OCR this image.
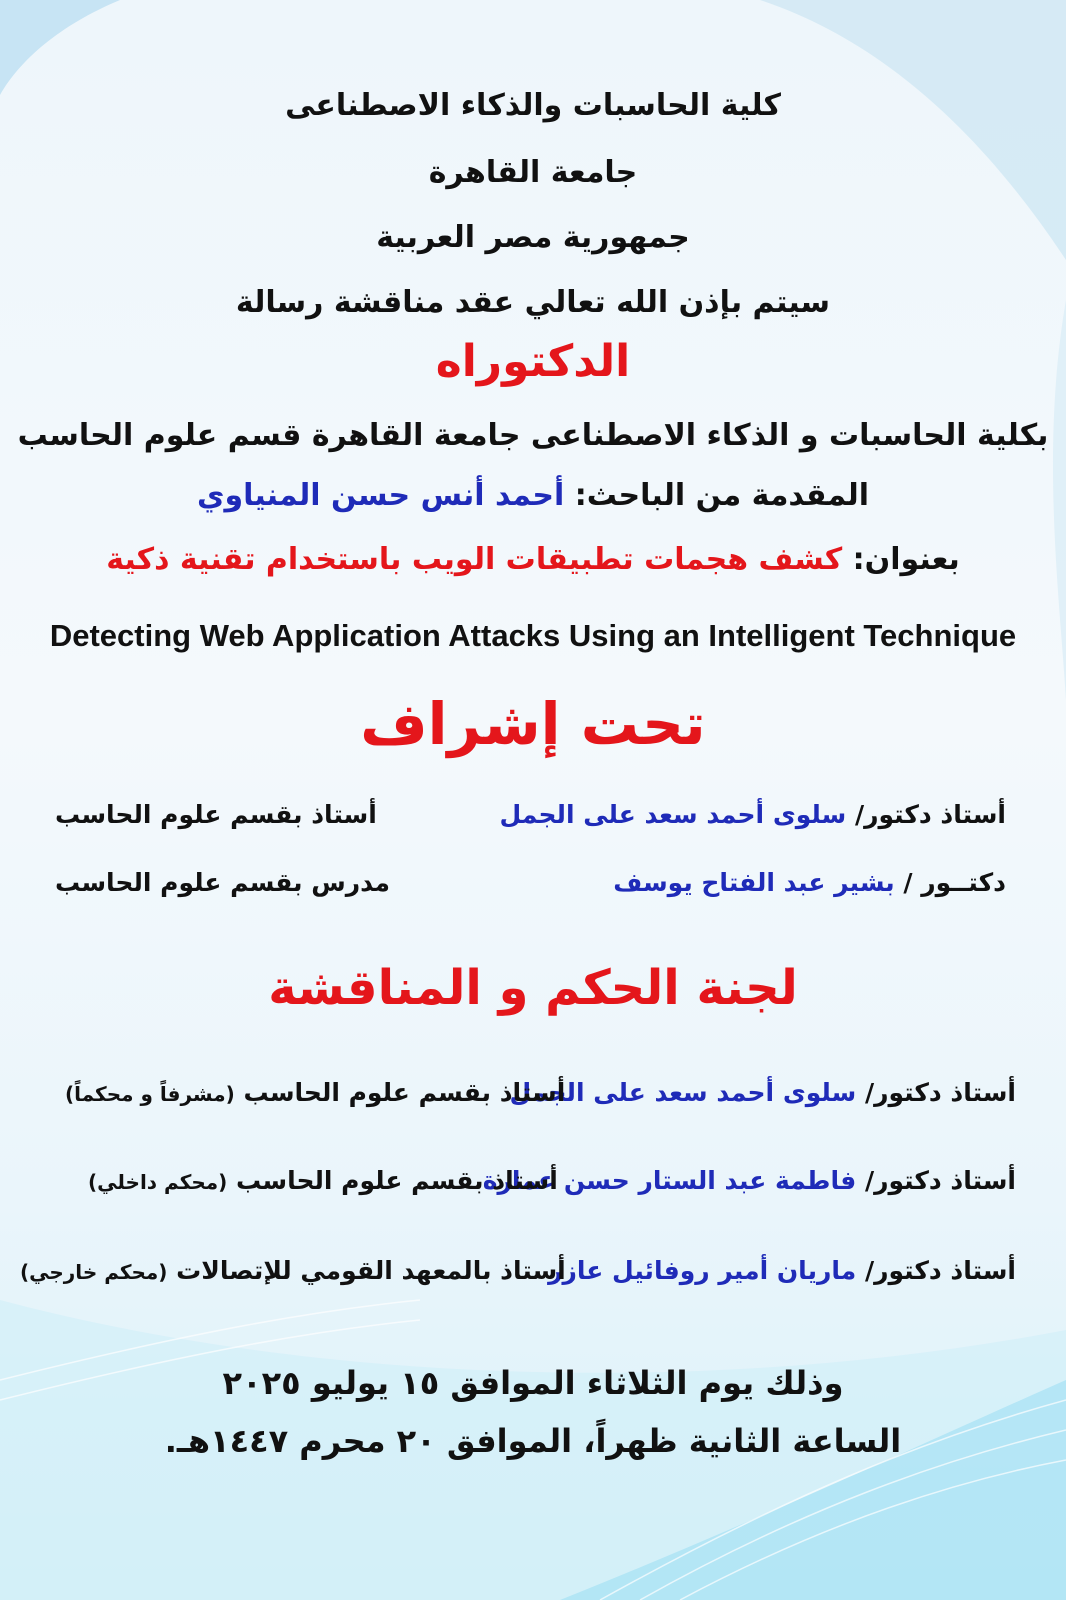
كلية الحاسبات والذكاء الاصطناعى
جامعة القاهرة
جمهورية مصر العربية
سيتم بإذن الله تعالي عقد مناقشة رسالة
الدكتوراه
بكلية الحاسبات و الذكاء الاصطناعى جامعة القاهرة قسم علوم الحاسب
المقدمة من الباحث: أحمد أنس حسن المنياوي
بعنوان: كشف هجمات تطبيقات الويب باستخدام تقنية ذكية
Detecting Web Application Attacks Using an Intelligent Technique
تحت إشراف
أستاذ دكتور/ سلوى أحمد سعد على الجمل
أستاذ بقسم علوم الحاسب
دكتــور / بشير عبد الفتاح يوسف
مدرس بقسم علوم الحاسب
لجنة الحكم و المناقشة
أستاذ دكتور/ سلوى أحمد سعد على الجمل
أستاذ بقسم علوم الحاسب (مشرفاً و محكماً)
أستاذ دكتور/ فاطمة عبد الستار حسن عمارة
أستاذ بقسم علوم الحاسب (محكم داخلي)
أستاذ دكتور/ ماريان أمير روفائيل عازر
أستاذ بالمعهد القومي للإتصالات (محكم خارجي)
وذلك يوم الثلاثاء الموافق ١٥ يوليو ٢٠٢٥
الساعة الثانية ظهراً، الموافق ٢٠ محرم ١٤٤٧هـ.
